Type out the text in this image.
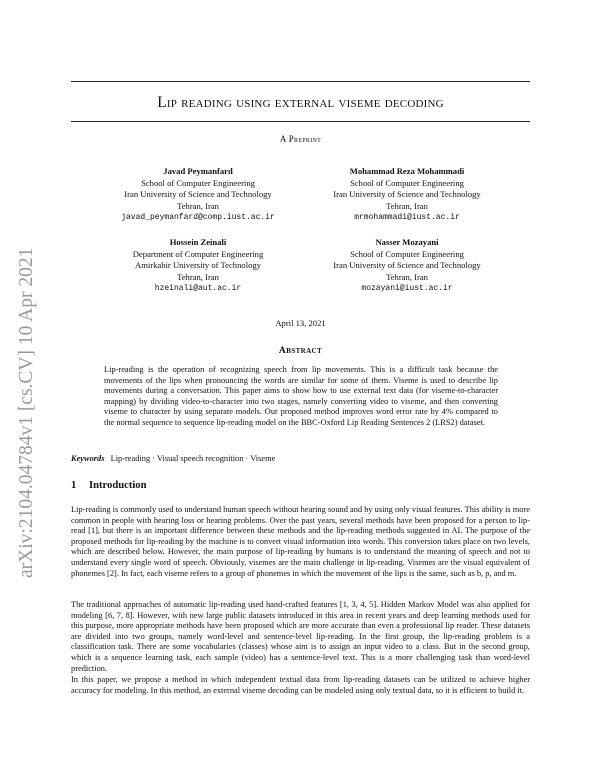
arXiv:2104.04784v1 [cs.CV] 10 Apr 2021
Lip reading using external viseme decoding
A Preprint
Javad Peymanfard
School of Computer Engineering
Iran University of Science and Technology
Tehran, Iran
javad_peymanfard@comp.iust.ac.ir
Mohammad Reza Mohammadi
School of Computer Engineering
Iran University of Science and Technology
Tehran, Iran
mrmohammadi@iust.ac.ir
Hossein Zeinali
Department of Computer Engineering
Amirkabir University of Technology
Tehran, Iran
hzeinali@aut.ac.ir
Nasser Mozayani
School of Computer Engineering
Iran University of Science and Technology
Tehran, Iran
mozayani@iust.ac.ir
April 13, 2021
Abstract

Lip-reading is the operation of recognizing speech from lip movements. This is a difficult task because the movements of the lips when pronouncing the words are similar for some of them. Viseme is used to describe lip movements during a conversation. This paper aims to show how to use external text data (for viseme-to-character mapping) by dividing video-to-character into two stages, namely converting video to viseme, and then converting viseme to character by using separate models. Our proposed method improves word error rate by 4% compared to the normal sequence to sequence lip-reading model on the BBC-Oxford Lip Reading Sentences 2 (LRS2) dataset.

Keywords Lip-reading · Visual speech recognition · Viseme
1 Introduction

Lip-reading is commonly used to understand human speech without hearing sound and by using only visual features. This ability is more common in people with hearing loss or hearing problems. Over the past years, several methods have been proposed for a person to lip-read [1], but there is an important difference between these methods and the lip-reading methods suggested in AI. The purpose of the proposed methods for lip-reading by the machine is to convert visual information into words. This conversion takes place on two levels, which are described below. However, the main purpose of lip-reading by humans is to understand the meaning of speech and not to understand every single word of speech. Obviously, visemes are the main challenge in lip-reading. Visemes are the visual equivalent of phonemes [2]. In fact, each viseme refers to a group of phonemes in which the movement of the lips is the same, such as b, p, and m.

The traditional approaches of automatic lip-reading used hand-crafted features [1, 3, 4, 5]. Hidden Markov Model was also applied for modeling [6, 7, 8]. However, with new large public datasets introduced in this area in recent years and deep learning methods used for this purpose, more appropriate methods have been proposed which are more accurate than even a professional lip reader. These datasets are divided into two groups, namely word-level and sentence-level lip-reading. In the first group, the lip-reading problem is a classification task. There are some vocabularies (classes) whose aim is to assign an input video to a class. But in the second group, which is a sequence learning task, each sample (video) has a sentence-level text. This is a more challenging task than word-level prediction.

In this paper, we propose a method in which independent textual data from lip-reading datasets can be utilized to achieve higher accuracy for modeling. In this method, an external viseme decoding can be modeled using only textual data, so it is efficient to build it.
